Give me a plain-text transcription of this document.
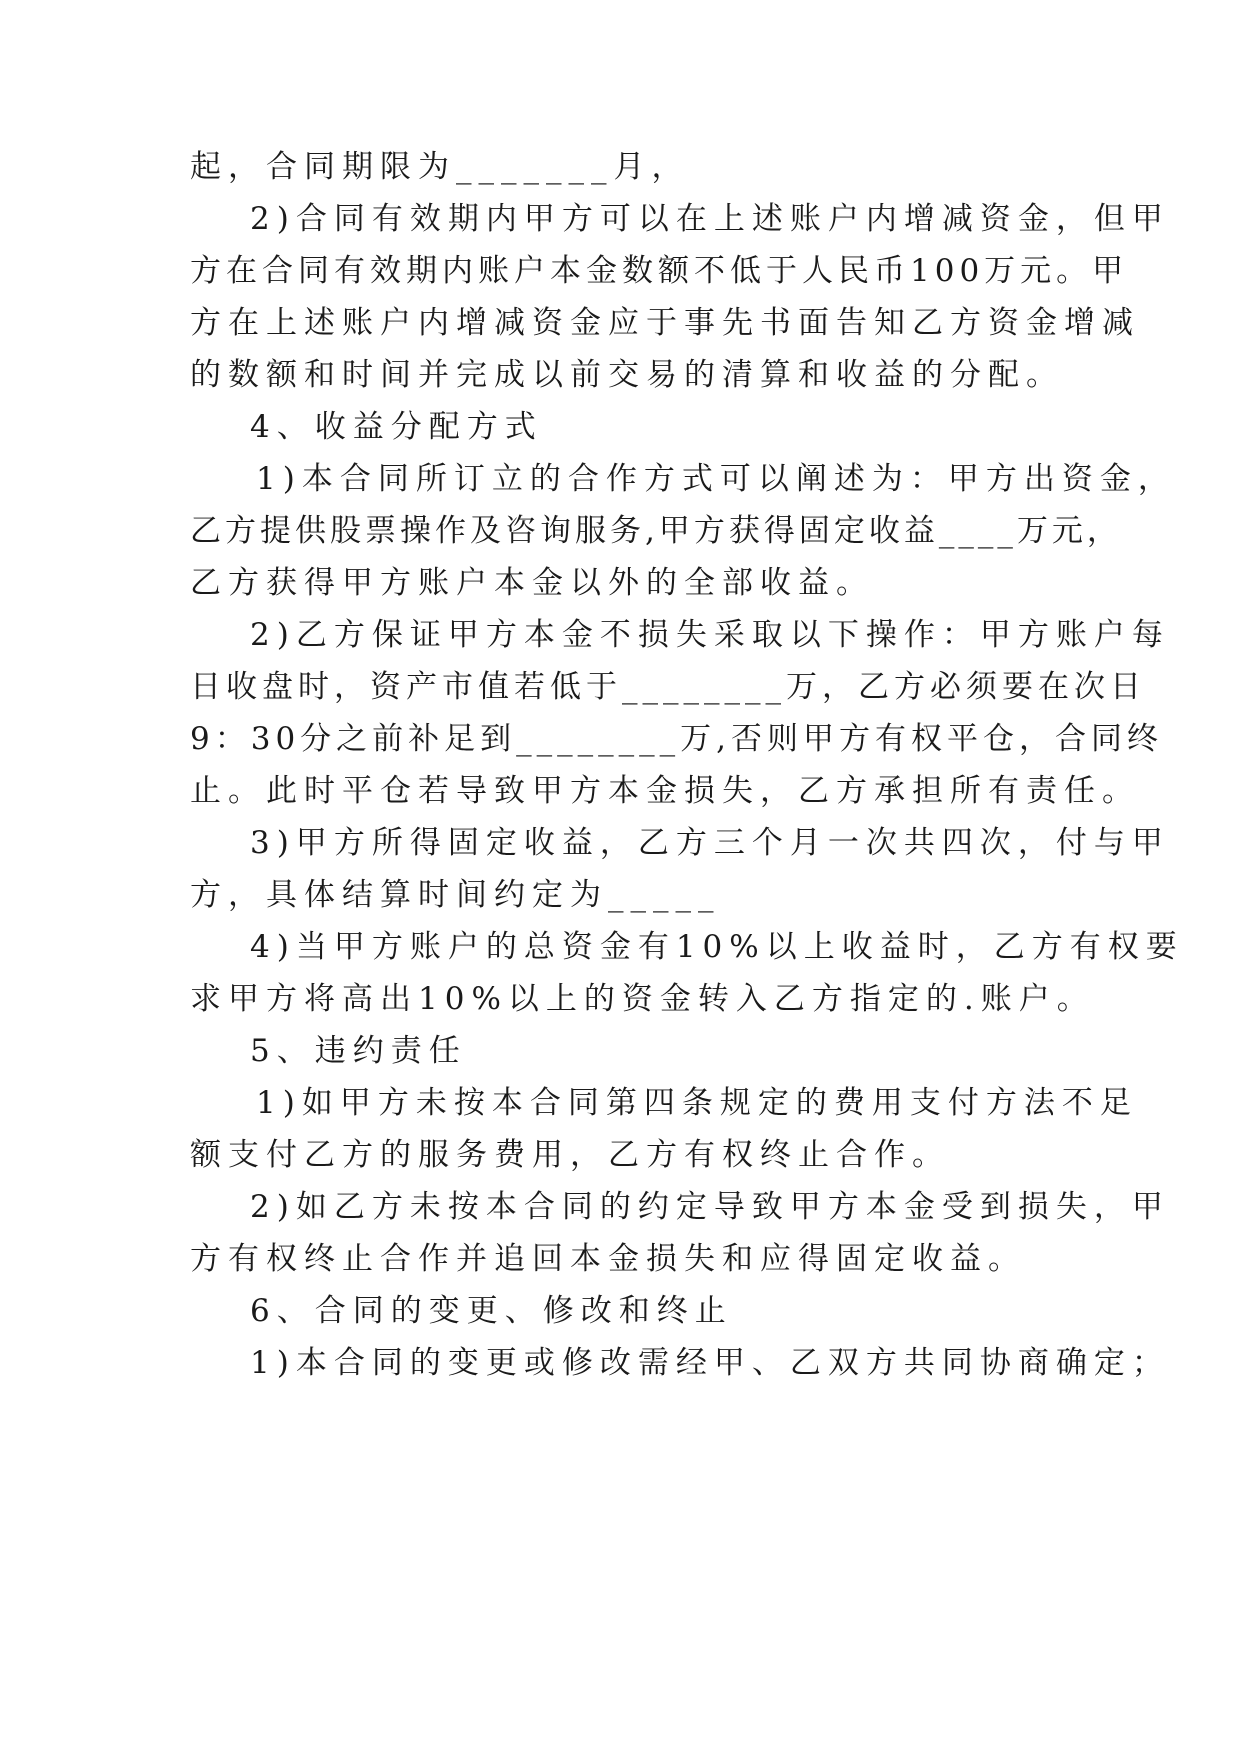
起，合同期限为_______月，
2)合同有效期内甲方可以在上述账户内增减资金，但甲
方在合同有效期内账户本金数额不低于人民币100万元。甲
方在上述账户内增减资金应于事先书面告知乙方资金增减
的数额和时间并完成以前交易的清算和收益的分配。
4、收益分配方式
1)本合同所订立的合作方式可以阐述为：甲方出资金，
乙方提供股票操作及咨询服务,甲方获得固定收益____万元，
乙方获得甲方账户本金以外的全部收益。
2)乙方保证甲方本金不损失采取以下操作：甲方账户每
日收盘时，资产市值若低于________万，乙方必须要在次日
9：30分之前补足到________万,否则甲方有权平仓，合同终
止。此时平仓若导致甲方本金损失，乙方承担所有责任。
3)甲方所得固定收益，乙方三个月一次共四次，付与甲
方，具体结算时间约定为_____
4)当甲方账户的总资金有10%以上收益时，乙方有权要
求甲方将高出10%以上的资金转入乙方指定的.账户。
5、违约责任
1)如甲方未按本合同第四条规定的费用支付方法不足
额支付乙方的服务费用，乙方有权终止合作。
2)如乙方未按本合同的约定导致甲方本金受到损失，甲
方有权终止合作并追回本金损失和应得固定收益。
6、合同的变更、修改和终止
1)本合同的变更或修改需经甲、乙双方共同协商确定；
